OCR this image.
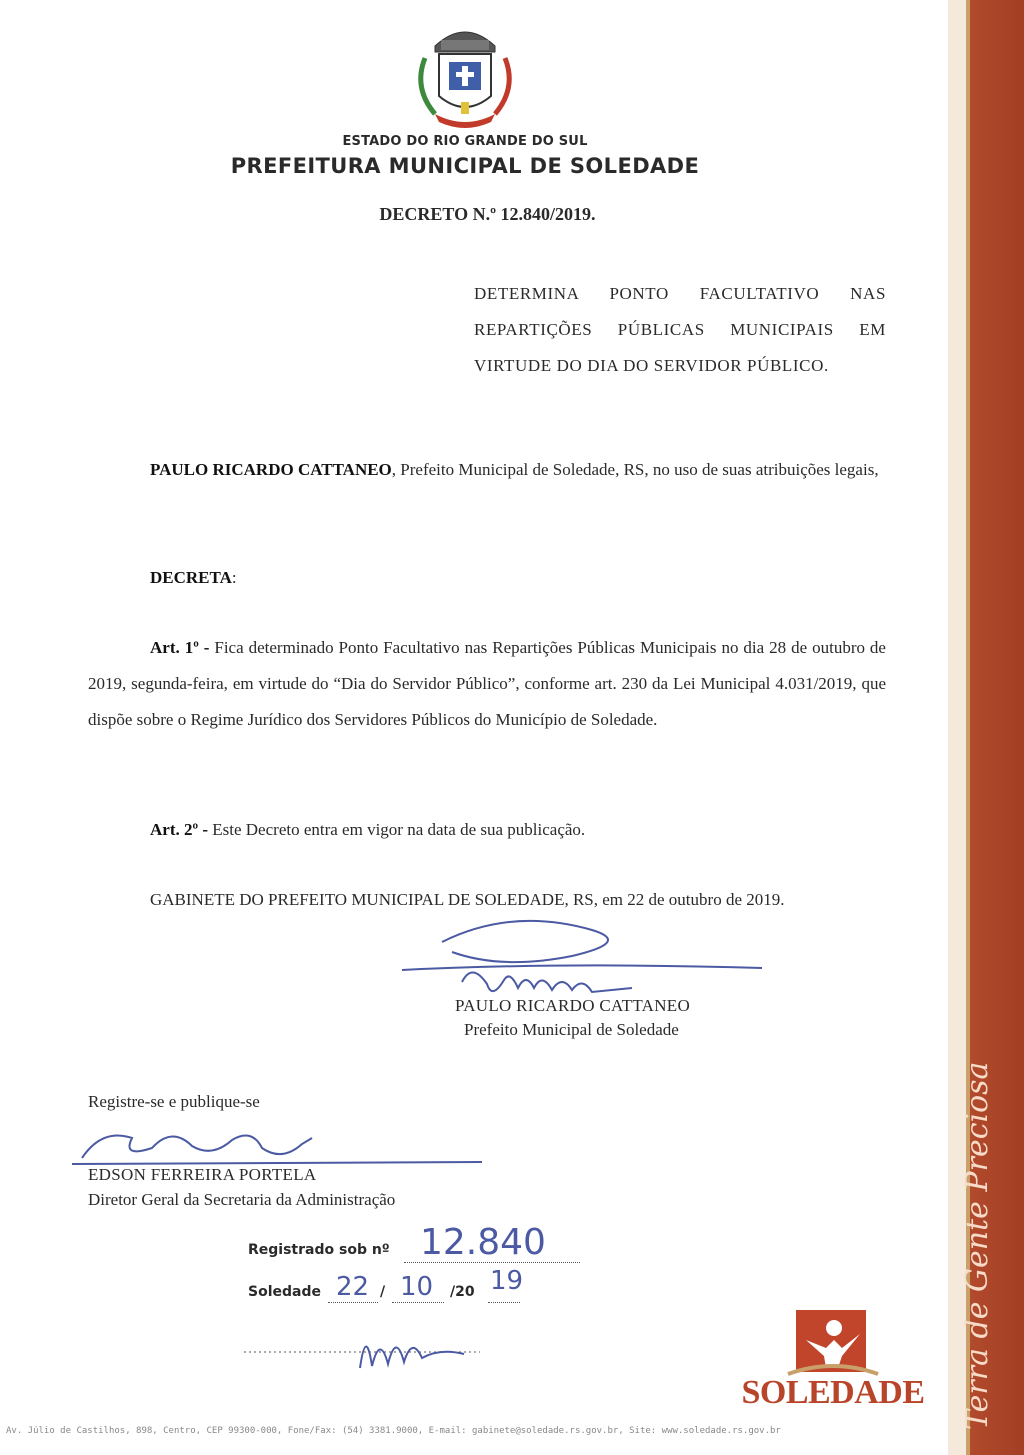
Terra de Gente Preciosa
ESTADO DO RIO GRANDE DO SUL
PREFEITURA MUNICIPAL DE SOLEDADE
DECRETO N.º 12.840/2019.
DETERMINA PONTO FACULTATIVO NAS REPARTIÇÕES PÚBLICAS MUNICIPAIS EM VIRTUDE DO DIA DO SERVIDOR PÚBLICO.
PAULO RICARDO CATTANEO, Prefeito Municipal de Soledade, RS, no uso de suas atribuições legais,
DECRETA:
Art. 1º - Fica determinado Ponto Facultativo nas Repartições Públicas Municipais no dia 28 de outubro de 2019, segunda-feira, em virtude do “Dia do Servidor Público”, conforme art. 230 da Lei Municipal 4.031/2019, que dispõe sobre o Regime Jurídico dos Servidores Públicos do Município de Soledade.
Art. 2º - Este Decreto entra em vigor na data de sua publicação.
GABINETE DO PREFEITO MUNICIPAL DE SOLEDADE, RS, em 22 de outubro de 2019.
PAULO RICARDO CATTANEO
Prefeito Municipal de Soledade
Registre-se e publique-se
EDSON FERREIRA PORTELA
Diretor Geral da Secretaria da Administração
Registrado sob nº 12.840
Soledade 22 / 10 /20 19
SOLEDADE
Av. Júlio de Castilhos, 898, Centro, CEP 99300-000, Fone/Fax: (54) 3381.9000, E-mail: gabinete@soledade.rs.gov.br, Site: www.soledade.rs.gov.br
